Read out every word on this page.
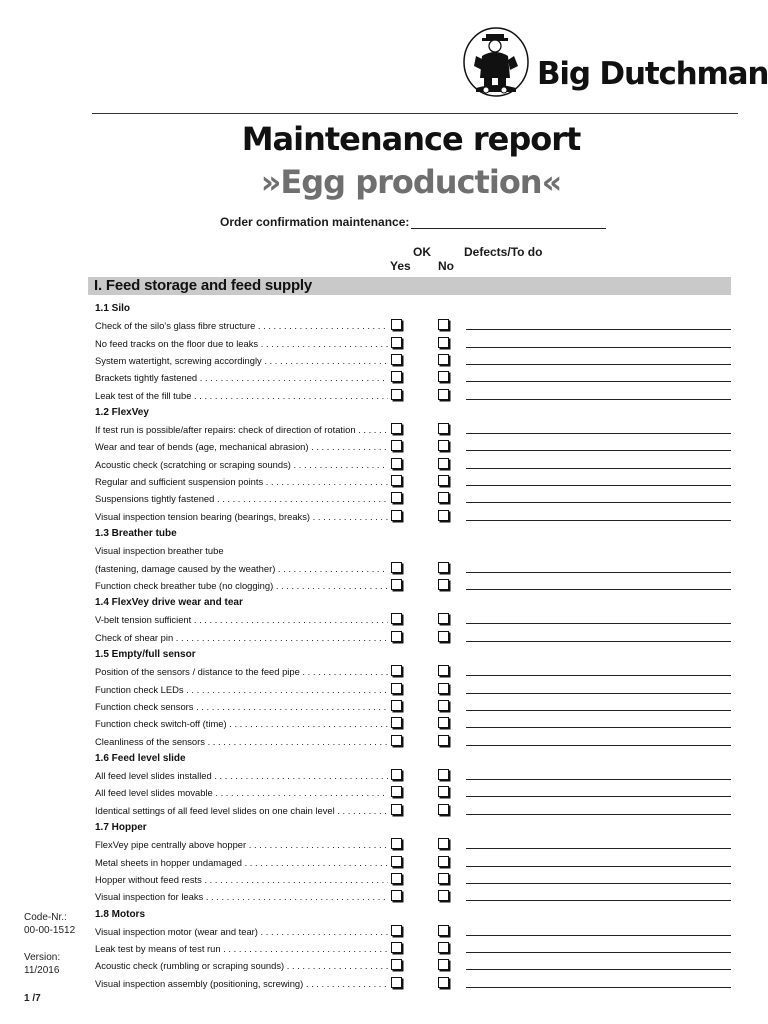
Big Dutchman
Maintenance report
»Egg production«
Order confirmation maintenance:
OK
Yes No
Defects/To do
I. Feed storage and feed supply
1.1 Silo
Check of the silo’s glass fibre structure . . .
No feed tracks on the floor due to leaks . . .
System watertight, screwing accordingly . . .
Brackets tightly fastened . . .
Leak test of the fill tube . . .
1.2 FlexVey
If test run is possible/after repairs: check of direction of rotation . . .
Wear and tear of bends (age, mechanical abrasion) . . .
Acoustic check (scratching or scraping sounds) . . .
Regular and sufficient suspension points . . .
Suspensions tightly fastened . . .
Visual inspection tension bearing (bearings, breaks) . . .
1.3 Breather tube
Visual inspection breather tube
(fastening, damage caused by the weather) . . .
Function check breather tube (no clogging) . . .
1.4 FlexVey drive wear and tear
V-belt tension sufficient . . .
Check of shear pin . . .
1.5 Empty/full sensor
Position of the sensors / distance to the feed pipe . . .
Function check LEDs . . .
Function check sensors . . .
Function check switch-off (time) . . .
Cleanliness of the sensors . . .
1.6 Feed level slide
All feed level slides installed . . .
All feed level slides movable . . .
Identical settings of all feed level slides on one chain level . . .
1.7 Hopper
FlexVey pipe centrally above hopper . . .
Metal sheets in hopper undamaged . . .
Hopper without feed rests . . .
Visual inspection for leaks . . .
1.8 Motors
Visual inspection motor (wear and tear) . . .
Leak test by means of test run . . .
Acoustic check (rumbling or scraping sounds) . . .
Visual inspection assembly (positioning, screwing) . . .
Code-Nr.:
00-00-1512
Version:
11/2016
1 /7
